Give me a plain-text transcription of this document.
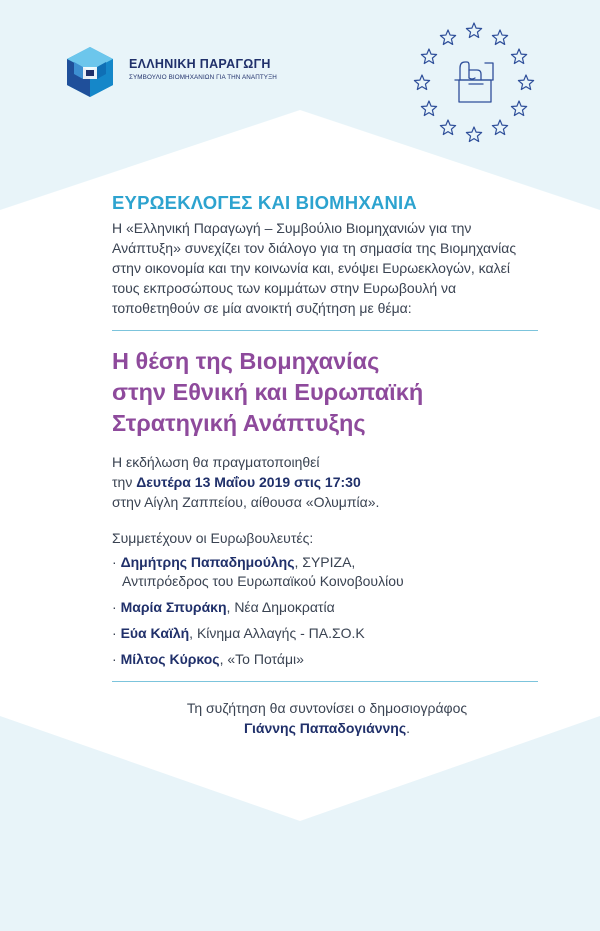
ΕΛΛΗΝΙΚΗ ΠΑΡΑΓΩΓΗ
ΣΥΜΒΟΥΛΙΟ ΒΙΟΜΗΧΑΝΙΩΝ ΓΙΑ ΤΗΝ ΑΝΑΠΤΥΞΗ
ΕΥΡΩΕΚΛΟΓΕΣ ΚΑΙ ΒΙΟΜΗΧΑΝΙΑ

Η «Ελληνική Παραγωγή – Συμβούλιο Βιομηχανιών για την Ανάπτυξη» συνεχίζει τον διάλογο για τη σημασία της Βιομηχανίας στην οικονομία και την κοινωνία και, ενόψει Ευρωεκλογών, καλεί τους εκπροσώπους των κομμάτων στην Ευρωβουλή να τοποθετηθούν σε μία ανοικτή συζήτηση με θέμα:

Η θέση της Βιομηχανίας
στην Εθνική και Ευρωπαϊκή
Στρατηγική Ανάπτυξης

Η εκδήλωση θα πραγματοποιηθεί
την Δευτέρα 13 Μαΐου 2019 στις 17:30
στην Αίγλη Ζαππείου, αίθουσα «Ολυμπία».

Συμμετέχουν οι Ευρωβουλευτές:

· Δημήτρης Παπαδημούλης, ΣΥΡΙΖΑ,
Αντιπρόεδρος του Ευρωπαϊκού Κοινοβουλίου
· Μαρία Σπυράκη, Νέα Δημοκρατία
· Εύα Καϊλή, Κίνημα Αλλαγής - ΠΑ.ΣΟ.Κ
· Μίλτος Κύρκος, «Το Ποτάμι»

Τη συζήτηση θα συντονίσει ο δημοσιογράφος
Γιάννης Παπαδογιάννης.
